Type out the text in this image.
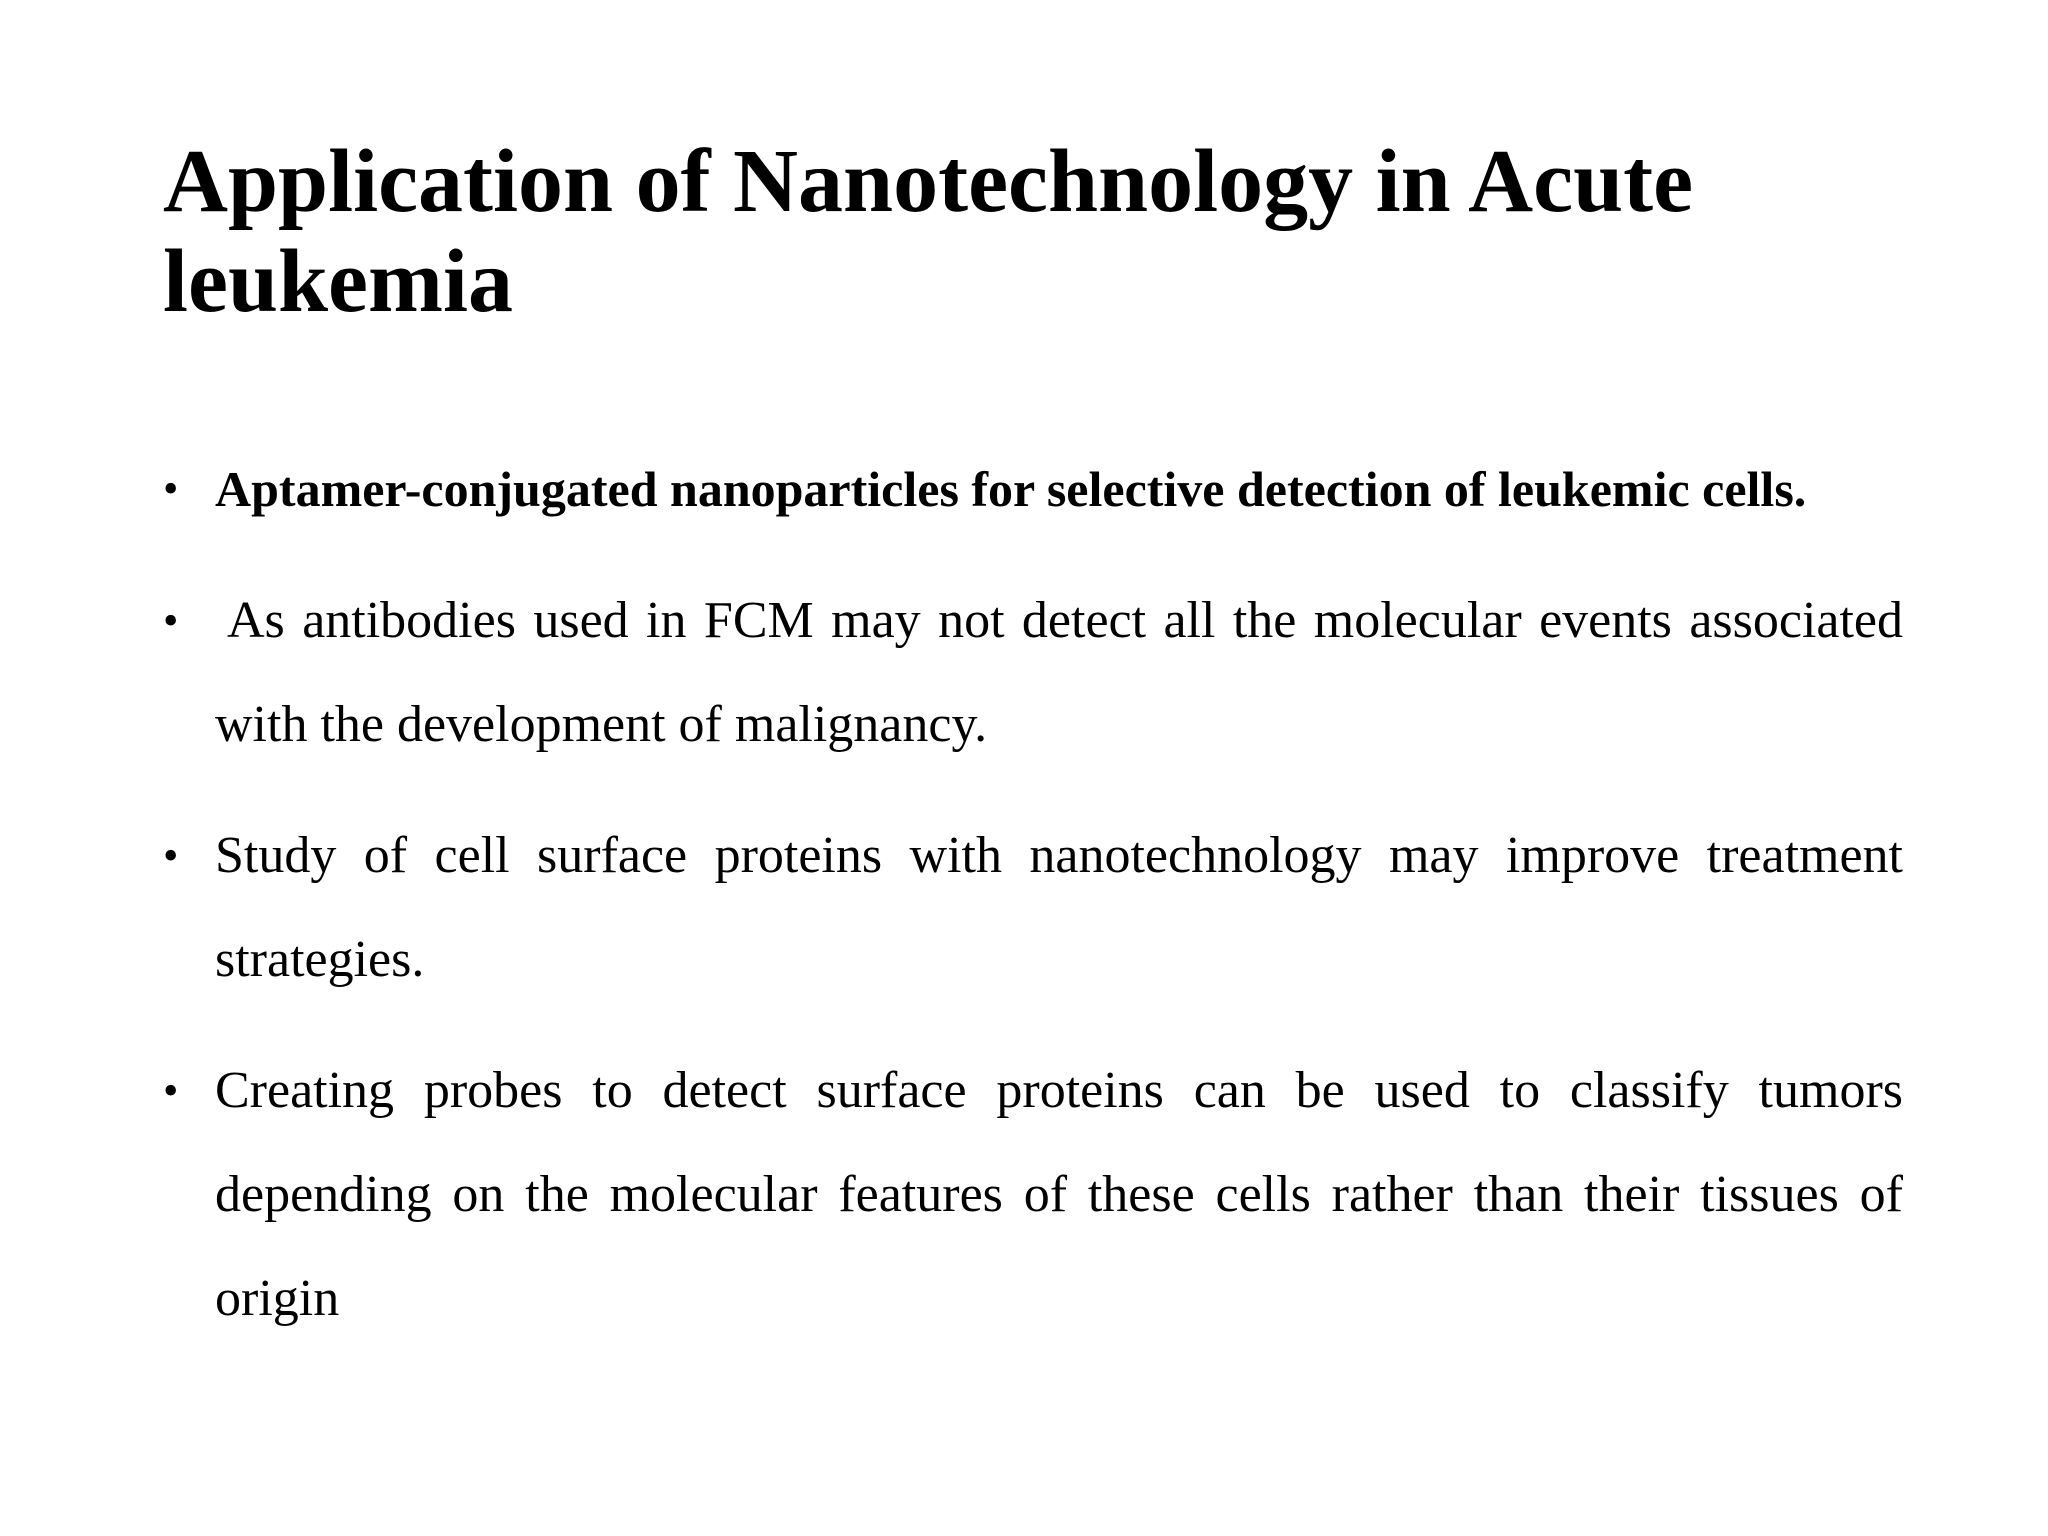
Application of Nanotechnology in Acute leukemia
• Aptamer-conjugated nanoparticles for selective detection of leukemic cells.
• As antibodies used in FCM may not detect all the molecular events associated with the development of malignancy.
• Study of cell surface proteins with nanotechnology may improve treatment strategies.
• Creating probes to detect surface proteins can be used to classify tumors depending on the molecular features of these cells rather than their tissues of origin
